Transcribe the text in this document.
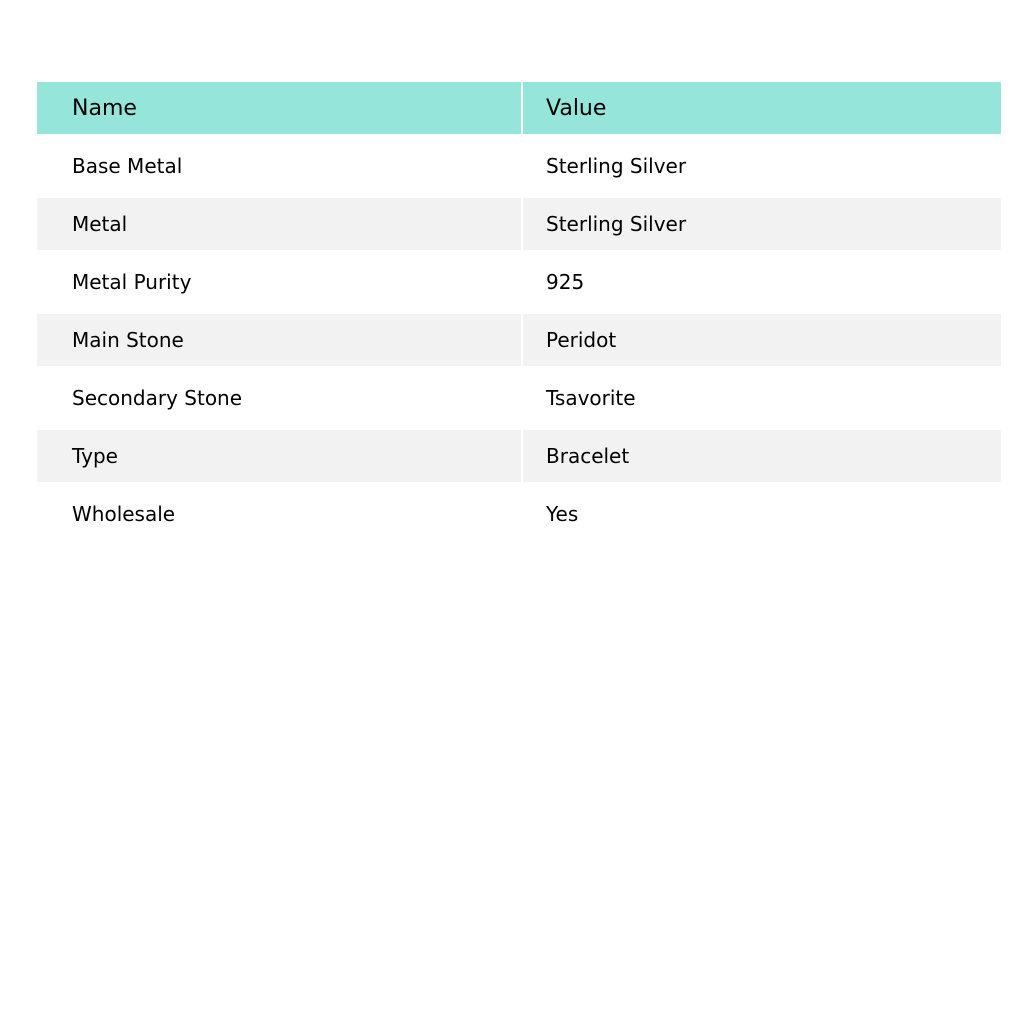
Name	Value

Base Metal	Sterling Silver

Metal	Sterling Silver

Metal Purity	925

Main Stone	Peridot

Secondary Stone	Tsavorite

Type	Bracelet

Wholesale	Yes
